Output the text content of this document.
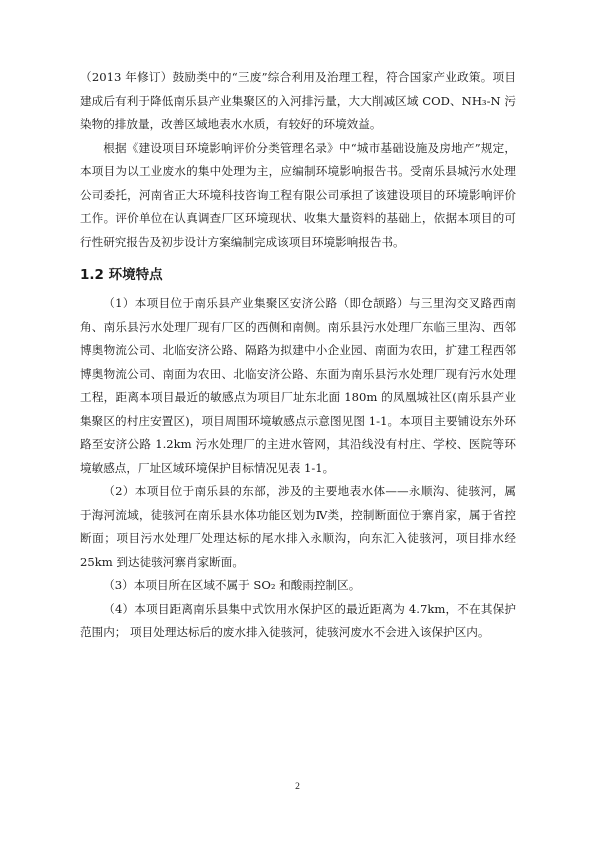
（2013 年修订）鼓励类中的“三废”综合利用及治理工程，符合国家产业政策。项目建成后有利于降低南乐县产业集聚区的入河排污量，大大削减区域 COD、NH₃-N 污染物的排放量，改善区域地表水水质，有较好的环境效益。

根据《建设项目环境影响评价分类管理名录》中“城市基础设施及房地产”规定，本项目为以工业废水的集中处理为主，应编制环境影响报告书。受南乐县城污水处理公司委托，河南省正大环境科技咨询工程有限公司承担了该建设项目的环境影响评价工作。评价单位在认真调查厂区环境现状、收集大量资料的基础上，依据本项目的可行性研究报告及初步设计方案编制完成该项目环境影响报告书。

1.2 环境特点

（1）本项目位于南乐县产业集聚区安济公路（即仓颉路）与三里沟交叉路西南角、南乐县污水处理厂现有厂区的西侧和南侧。南乐县污水处理厂东临三里沟、西邻博奥物流公司、北临安济公路、隔路为拟建中小企业园、南面为农田，扩建工程西邻博奥物流公司、南面为农田、北临安济公路、东面为南乐县污水处理厂现有污水处理工程，距离本项目最近的敏感点为项目厂址东北面 180m 的凤凰城社区(南乐县产业集聚区的村庄安置区)，项目周围环境敏感点示意图见图 1-1。本项目主要铺设东外环路至安济公路 1.2km 污水处理厂的主进水管网，其沿线没有村庄、学校、医院等环境敏感点，厂址区域环境保护目标情况见表 1-1。

（2）本项目位于南乐县的东部，涉及的主要地表水体——永顺沟、徒骇河，属于海河流域，徒骇河在南乐县水体功能区划为Ⅳ类，控制断面位于寨肖家，属于省控断面；项目污水处理厂处理达标的尾水排入永顺沟，向东汇入徒骇河，项目排水经 25km 到达徒骇河寨肖家断面。

（3）本项目所在区域不属于 SO₂ 和酸雨控制区。

（4）本项目距离南乐县集中式饮用水保护区的最近距离为 4.7km，不在其保护范围内； 项目处理达标后的废水排入徒骇河，徒骇河废水不会进入该保护区内。

2
